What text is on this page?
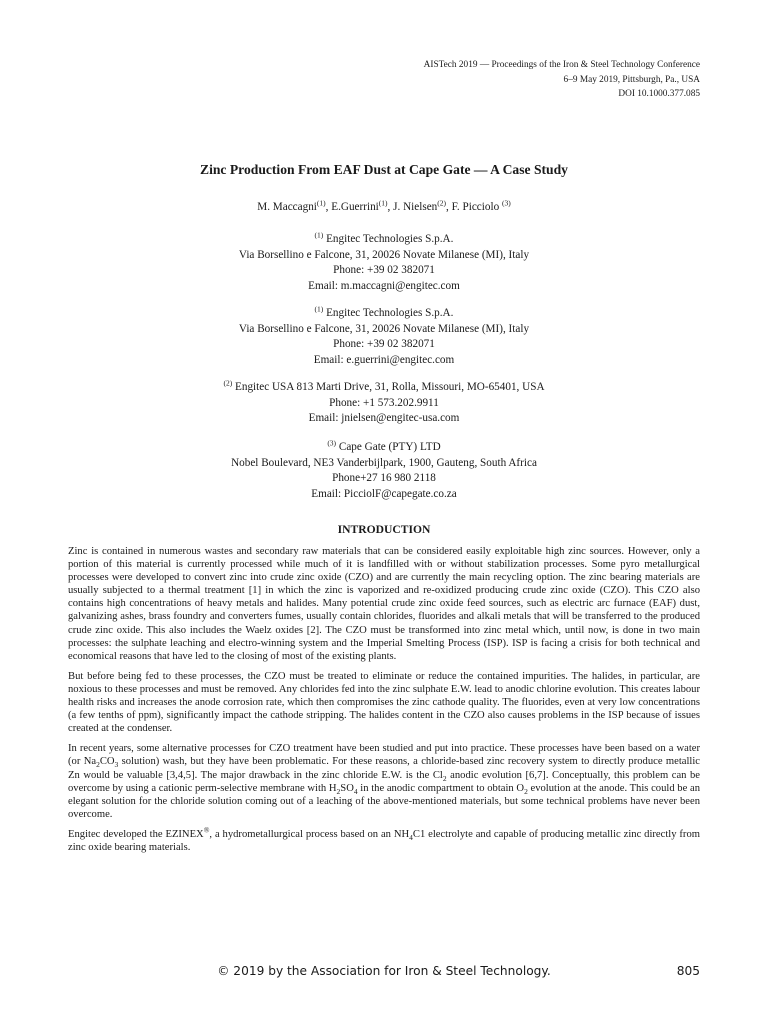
AISTech 2019 — Proceedings of the Iron & Steel Technology Conference
6–9 May 2019, Pittsburgh, Pa., USA
DOI 10.1000.377.085
Zinc Production From EAF Dust at Cape Gate — A Case Study
M. Maccagni$^{(1)}$, E.Guerrini$^{(1)}$, J. Nielsen$^{(2)}$, F. Picciolo $^{(3)}$
$^{(1)}$ Engitec Technologies S.p.A.
Via Borsellino e Falcone, 31, 20026 Novate Milanese (MI), Italy
Phone: +39 02 382071
Email: m.maccagni@engitec.com
$^{(1)}$ Engitec Technologies S.p.A.
Via Borsellino e Falcone, 31, 20026 Novate Milanese (MI), Italy
Phone: +39 02 382071
Email: e.guerrini@engitec.com
$^{(2)}$ Engitec USA 813 Marti Drive, 31, Rolla, Missouri, MO-65401, USA
Phone: +1 573.202.9911
Email: jnielsen@engitec-usa.com
$^{(3)}$ Cape Gate (PTY) LTD
Nobel Boulevard, NE3 Vanderbijlpark, 1900, Gauteng, South Africa
Phone+27 16 980 2118
Email: PicciolF@capegate.co.za
INTRODUCTION

Zinc is contained in numerous wastes and secondary raw materials that can be considered easily exploitable high zinc sources. However, only a portion of this material is currently processed while much of it is landfilled with or without stabilization processes. Some pyro metallurgical processes were developed to convert zinc into crude zinc oxide (CZO) and are currently the main recycling option. The zinc bearing materials are usually subjected to a thermal treatment [1] in which the zinc is vaporized and re-oxidized producing crude zinc oxide (CZO). This CZO also contains high concentrations of heavy metals and halides. Many potential crude zinc oxide feed sources, such as electric arc furnace (EAF) dust, galvanizing ashes, brass foundry and converters fumes, usually contain chlorides, fluorides and alkali metals that will be transferred to the produced crude zinc oxide. This also includes the Waelz oxides [2]. The CZO must be transformed into zinc metal which, until now, is done in two main processes: the sulphate leaching and electro-winning system and the Imperial Smelting Process (ISP). ISP is facing a crisis for both technical and economical reasons that have led to the closing of most of the existing plants.

But before being fed to these processes, the CZO must be treated to eliminate or reduce the contained impurities. The halides, in particular, are noxious to these processes and must be removed. Any chlorides fed into the zinc sulphate E.W. lead to anodic chlorine evolution. This creates labour health risks and increases the anode corrosion rate, which then compromises the zinc cathode quality. The fluorides, even at very low concentrations (a few tenths of ppm), significantly impact the cathode stripping. The halides content in the CZO also causes problems in the ISP because of issues created at the condenser.

In recent years, some alternative processes for CZO treatment have been studied and put into practice. These processes have been based on a water (or $Na_2CO_3$ solution) wash, but they have been problematic. For these reasons, a chloride-based zinc recovery system to directly produce metallic Zn would be valuable [3,4,5]. The major drawback in the zinc chloride E.W. is the $Cl_2$ anodic evolution [6,7]. Conceptually, this problem can be overcome by using a cationic perm-selective membrane with $H_2SO_4$ in the anodic compartment to obtain $O_2$ evolution at the anode. This could be an elegant solution for the chloride solution coming out of a leaching of the above-mentioned materials, but some technical problems have never been overcome.

Engitec developed the EZINEX®, a hydrometallurgical process based on an $NH_4C1$ electrolyte and capable of producing metallic zinc directly from zinc oxide bearing materials.

© 2019 by the Association for Iron & Steel Technology.	805
